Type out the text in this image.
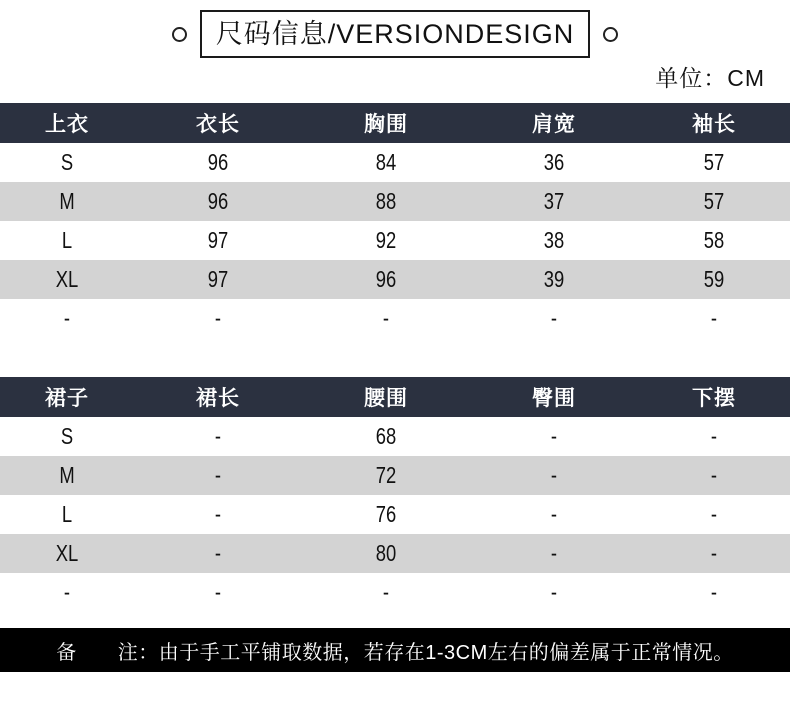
尺码信息/VERSIONDESIGN
单位：CM
上衣	衣长	胸围	肩宽	袖长
S	96	84	36	57
M	96	88	37	57
L	97	92	38	58
XL	97	96	39	59
-	-	-	-	-
裙子	裙长	腰围	臀围	下摆
S	-	68	-	-
M	-	72	-	-
L	-	76	-	-
XL	-	80	-	-
-	-	-	-	-
备　　注：由于手工平铺取数据，若存在1-3CM左右的偏差属于正常情况。
